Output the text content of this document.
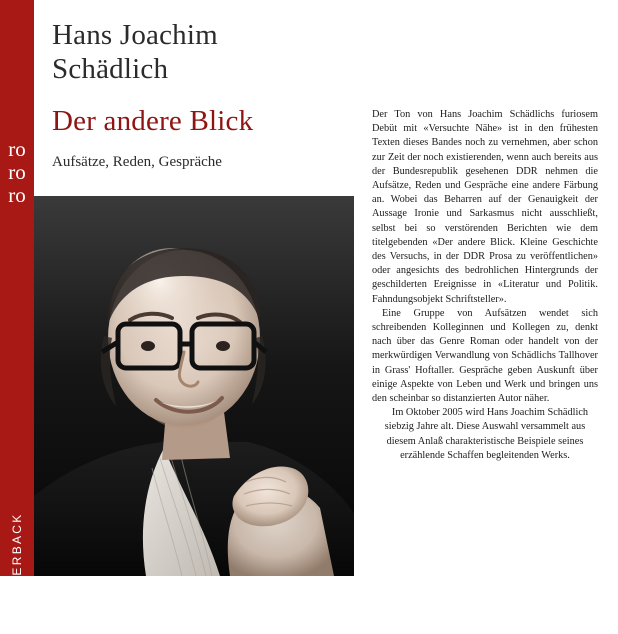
ro
ro
ro
PAPERBACK
Hans Joachim
Schädlich
Der andere Blick
Aufsätze, Reden, Gespräche

Der Ton von Hans Joachim Schädlichs furiosem Debüt mit «Versuchte Nähe» ist in den frühesten Texten dieses Bandes noch zu vernehmen, aber schon zur Zeit der noch existierenden, wenn auch bereits aus der Bundesrepublik gesehenen DDR nehmen die Aufsätze, Reden und Gespräche eine andere Färbung an. Wobei das Beharren auf der Genauigkeit der Aussage Ironie und Sarkasmus nicht ausschließt, selbst bei so verstörenden Berichten wie dem titelgebenden «Der andere Blick. Kleine Geschichte des Versuchs, in der DDR Prosa zu veröffentlichen» oder angesichts des bedrohlichen Hintergrunds der geschilderten Ereignisse in «Literatur und Politik. Fahndungsobjekt Schriftsteller».

Eine Gruppe von Aufsätzen wendet sich schreibenden Kolleginnen und Kollegen zu, denkt nach über das Genre Roman oder handelt von der merkwürdigen Verwandlung von Schädlichs Tallhover in Grass' Hoftaller. Gespräche geben Auskunft über einige Aspekte von Leben und Werk und bringen uns den scheinbar so distanzierten Autor näher.

Im Oktober 2005 wird Hans Joachim Schädlich siebzig Jahre alt. Diese Auswahl versammelt aus diesem Anlaß charakteristische Beispiele seines erzählende Schaffen begleitenden Werks.
